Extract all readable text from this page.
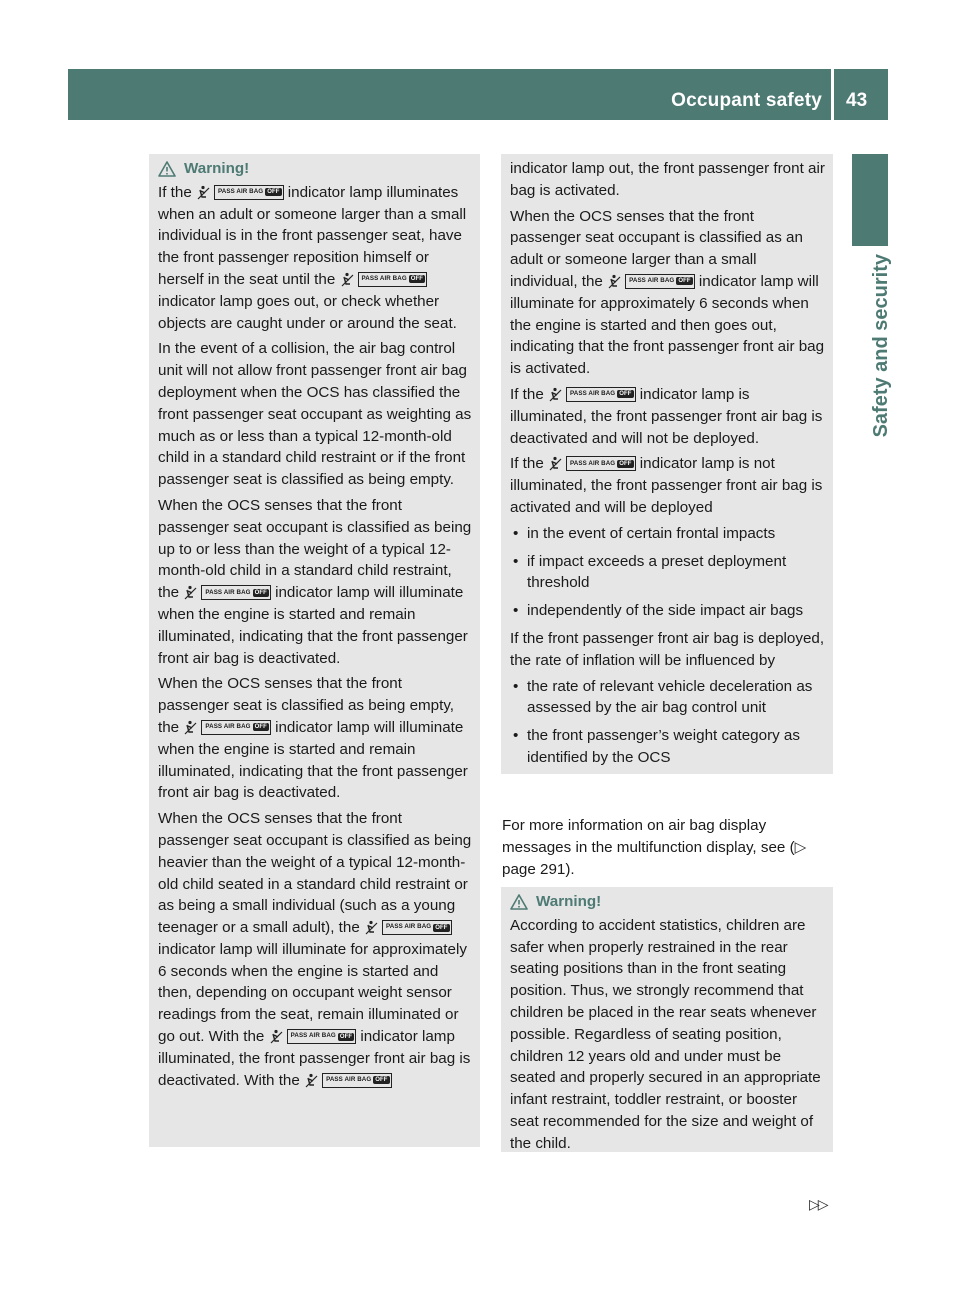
Occupant safety 43
Safety and security
Warning!

If the	PASS AIR BAG OFF indicator lamp illuminates when an adult or someone larger than a small individual is in the front passenger seat, have the front passenger reposition himself or herself in the seat until the	PASS AIR BAG OFF
indicator lamp goes out, or check whether objects are caught under or around the seat.

In the event of a collision, the air bag control unit will not allow front passenger front air bag deployment when the OCS has classified the front passenger seat occupant as weighting as much as or less than a typical 12-month-old child in a standard child restraint or if the front passenger seat is classified as being empty.

When the OCS senses that the front passenger seat occupant is classified as being up to or less than the weight of a typical 12-month-old child in a standard child restraint, the	PASS AIR BAG OFF indicator lamp will illuminate when the engine is started and remain illuminated, indicating that the front passenger front air bag is deactivated.

When the OCS senses that the front passenger seat is classified as being empty, the	PASS AIR BAG OFF indicator lamp will illuminate when the engine is started and remain illuminated, indicating that the front passenger front air bag is deactivated.

When the OCS senses that the front passenger seat occupant is classified as being heavier than the weight of a typical 12-month-old child seated in a standard child restraint or as being a small individual (such as a young teenager or a small adult), the	PASS AIR BAG OFF
indicator lamp will illuminate for approximately 6 seconds when the engine is started and then, depending on occupant weight sensor readings from the seat, remain illuminated or go out. With the	PASS AIR BAG OFF indicator lamp illuminated, the front passenger front air bag is deactivated. With the	PASS AIR BAG OFF

indicator lamp out, the front passenger front air bag is activated.

When the OCS senses that the front passenger seat occupant is classified as an adult or someone larger than a small individual, the	PASS AIR BAG OFF indicator lamp will illuminate for approximately 6 seconds when the engine is started and then goes out, indicating that the front passenger front air bag is activated.

If the	PASS AIR BAG OFF indicator lamp is illuminated, the front passenger front air bag is deactivated and will not be deployed.

If the	PASS AIR BAG OFF indicator lamp is not illuminated, the front passenger front air bag is activated and will be deployed

• in the event of certain frontal impacts
• if impact exceeds a preset deployment threshold
• independently of the side impact air bags

If the front passenger front air bag is deployed, the rate of inflation will be influenced by

• the rate of relevant vehicle deceleration as assessed by the air bag control unit
• the front passenger’s weight category as identified by the OCS

For more information on air bag display messages in the multifunction display, see (▷ page 291).

Warning!

According to accident statistics, children are safer when properly restrained in the rear seating positions than in the front seating position. Thus, we strongly recommend that children be placed in the rear seats whenever possible. Regardless of seating position, children 12 years old and under must be seated and properly secured in an appropriate infant restraint, toddler restraint, or booster seat recommended for the size and weight of the child.

▷▷
